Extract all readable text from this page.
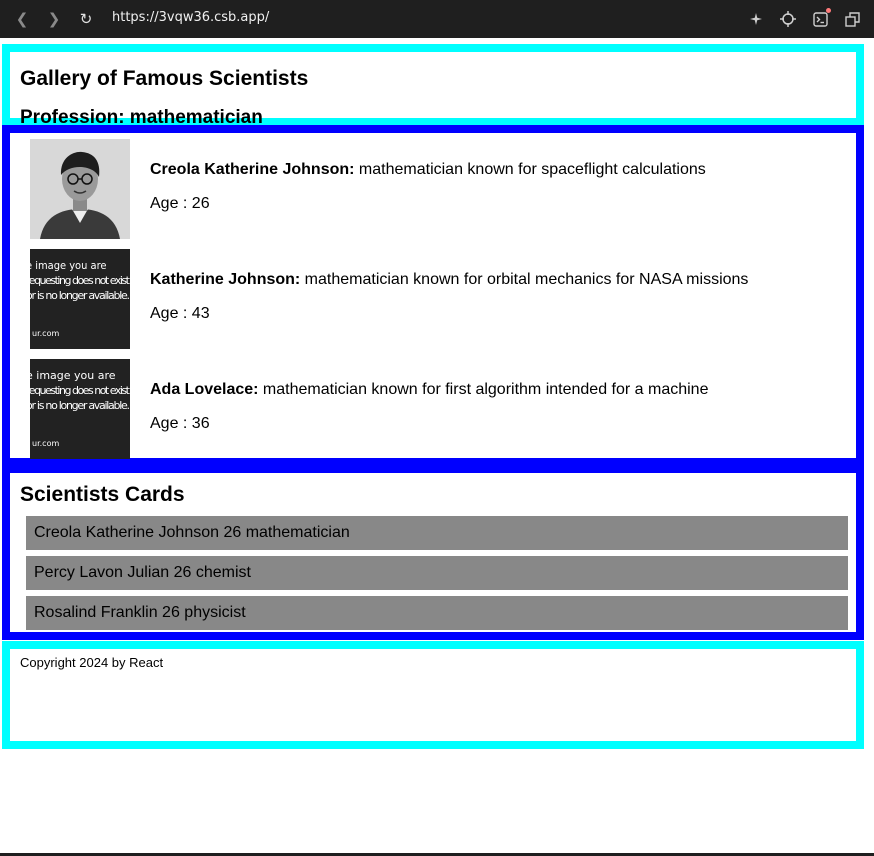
❮ ❯ ↻ https://3vqw36.csb.app/
Gallery of Famous Scientists
Profession: mathematician
Creola Katherine Johnson: mathematician known for spaceflight calculations
Age : 26
e image you are
requesting does not exist
or is no longer available.
ur.com
Katherine Johnson: mathematician known for orbital mechanics for NASA missions
Age : 43
e image you are
requesting does not exist
or is no longer available.
ur.com
Ada Lovelace: mathematician known for first algorithm intended for a machine
Age : 36
Scientists Cards
Creola Katherine Johnson 26 mathematician
Percy Lavon Julian 26 chemist
Rosalind Franklin 26 physicist
Copyright 2024 by React
